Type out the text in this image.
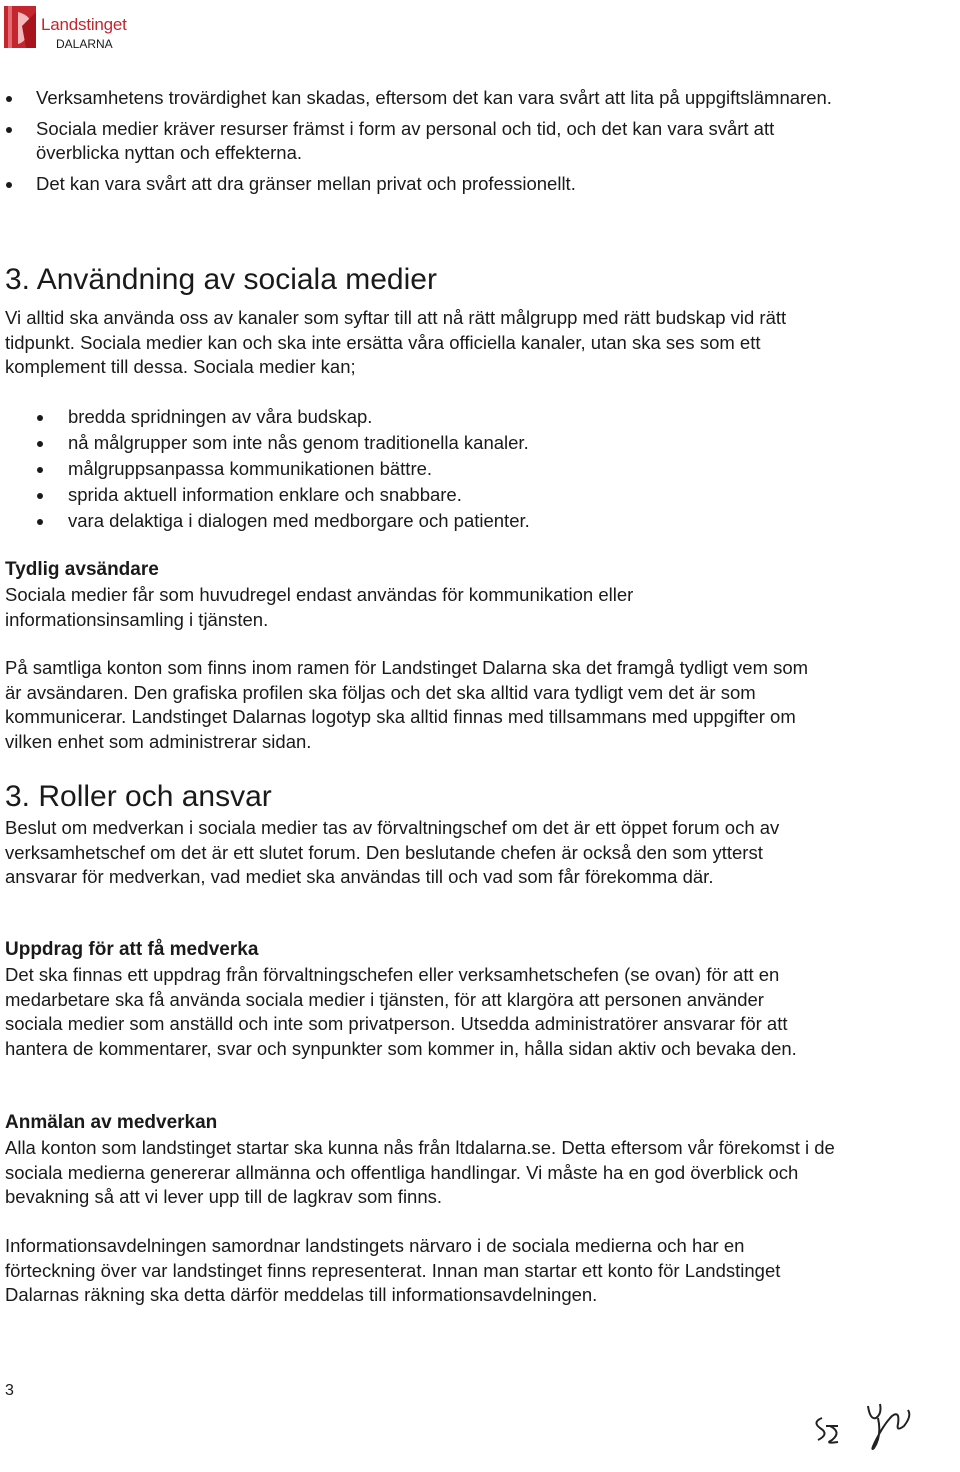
Landstinget
DALARNA
Verksamhetens trovärdighet kan skadas, eftersom det kan vara svårt att lita på uppgiftslämnaren.
Sociala medier kräver resurser främst i form av personal och tid, och det kan vara svårt att överblicka nyttan och effekterna.
Det kan vara svårt att dra gränser mellan privat och professionellt.
3. Användning av sociala medier

Vi alltid ska använda oss av kanaler som syftar till att nå rätt målgrupp med rätt budskap vid rätt tidpunkt. Sociala medier kan och ska inte ersätta våra officiella kanaler, utan ska ses som ett komplement till dessa. Sociala medier kan;

bredda spridningen av våra budskap.
nå målgrupper som inte nås genom traditionella kanaler.
målgruppsanpassa kommunikationen bättre.
sprida aktuell information enklare och snabbare.
vara delaktiga i dialogen med medborgare och patienter.
Tydlig avsändare

Sociala medier får som huvudregel endast användas för kommunikation eller informationsinsamling i tjänsten.

På samtliga konton som finns inom ramen för Landstinget Dalarna ska det framgå tydligt vem som är avsändaren. Den grafiska profilen ska följas och det ska alltid vara tydligt vem det är som kommunicerar. Landstinget Dalarnas logotyp ska alltid finnas med tillsammans med uppgifter om vilken enhet som administrerar sidan.

3. Roller och ansvar

Beslut om medverkan i sociala medier tas av förvaltningschef om det är ett öppet forum och av verksamhetschef om det är ett slutet forum. Den beslutande chefen är också den som ytterst ansvarar för medverkan, vad mediet ska användas till och vad som får förekomma där.

Uppdrag för att få medverka

Det ska finnas ett uppdrag från förvaltningschefen eller verksamhetschefen (se ovan) för att en medarbetare ska få använda sociala medier i tjänsten, för att klargöra att personen använder sociala medier som anställd och inte som privatperson. Utsedda administratörer ansvarar för att hantera de kommentarer, svar och synpunkter som kommer in, hålla sidan aktiv och bevaka den.

Anmälan av medverkan

Alla konton som landstinget startar ska kunna nås från ltdalarna.se. Detta eftersom vår förekomst i de sociala medierna genererar allmänna och offentliga handlingar. Vi måste ha en god överblick och bevakning så att vi lever upp till de lagkrav som finns.

Informationsavdelningen samordnar landstingets närvaro i de sociala medierna och har en förteckning över var landstinget finns representerat. Innan man startar ett konto för Landstinget Dalarnas räkning ska detta därför meddelas till informationsavdelningen.

3
